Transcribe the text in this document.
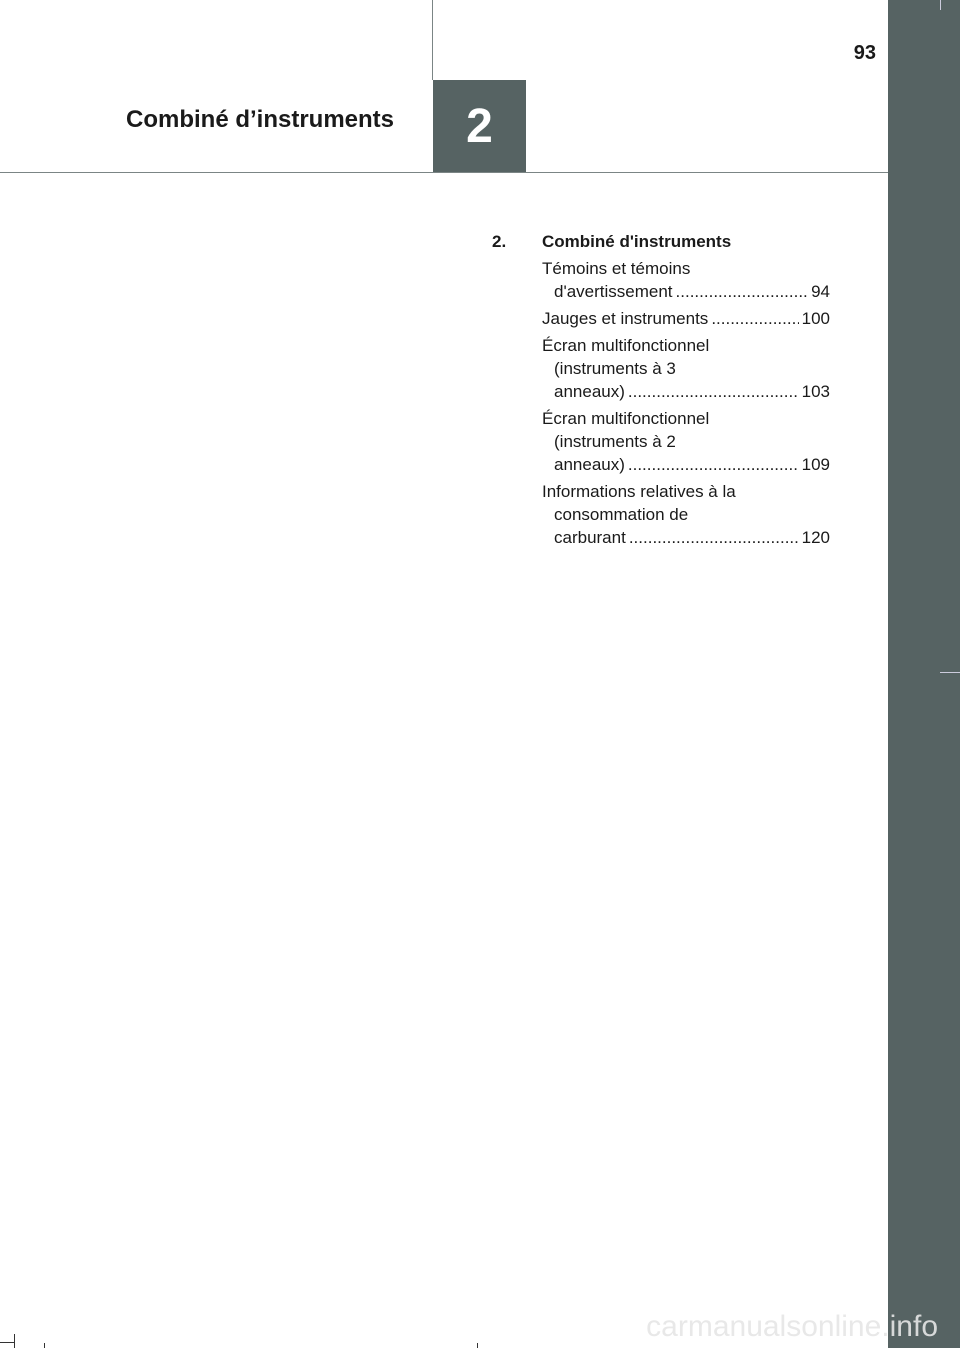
93
Combiné d’instruments 2
2.	Combiné d'instruments
Témoins et témoins
d'avertissement .....	94
Jauges et instruments .....	100
Écran multifonctionnel
(instruments à 3
anneaux) .....	103
Écran multifonctionnel
(instruments à 2
anneaux) .....	109
Informations relatives à la
consommation de
carburant .....	120
carmanualsonline.info
